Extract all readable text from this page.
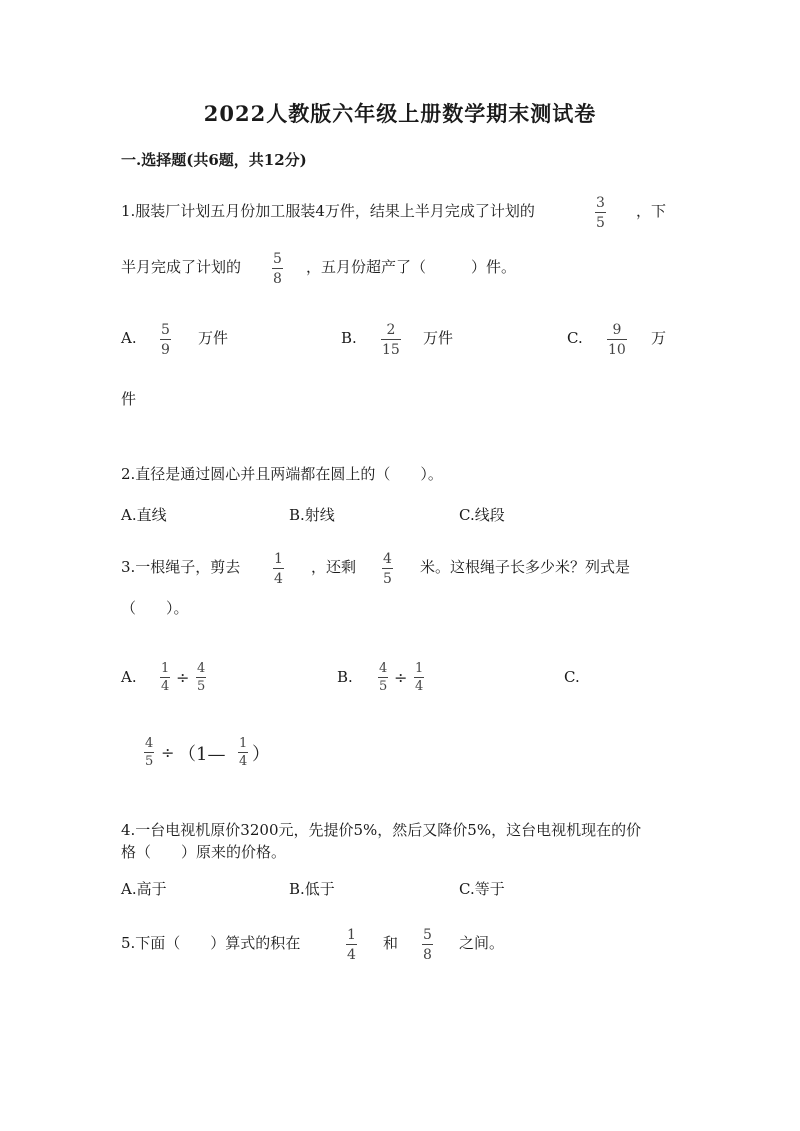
2022人教版六年级上册数学期末测试卷
一.选择题(共6题，共12分)
1.服装厂计划五月份加工服装4万件，结果上半月完成了计划的	3
5
，下
半月完成了计划的 5
8
，五月份超产了（　　　）件。
A. 5
9
万件	B. 2
15
万件	C. 9
10
万
件
2.直径是通过圆心并且两端都在圆上的（　　）。
A.直线	B.射线	C.线段
3.一根绳子，剪去 1
4
，还剩 4
5
米。这根绳子长多少米？列式是
（　　）。
A. 1
4 ÷ 4
5
B. 4
5 ÷ 1
4
C.
4
5 ÷ （1—
1
4 ）
4.一台电视机原价3200元，先提价5%，然后又降价5%，这台电视机现在的价
格（　　）原来的价格。
A.高于	B.低于	C.等于
5.下面（　　）算式的积在	1
4
和 5
8
之间。
